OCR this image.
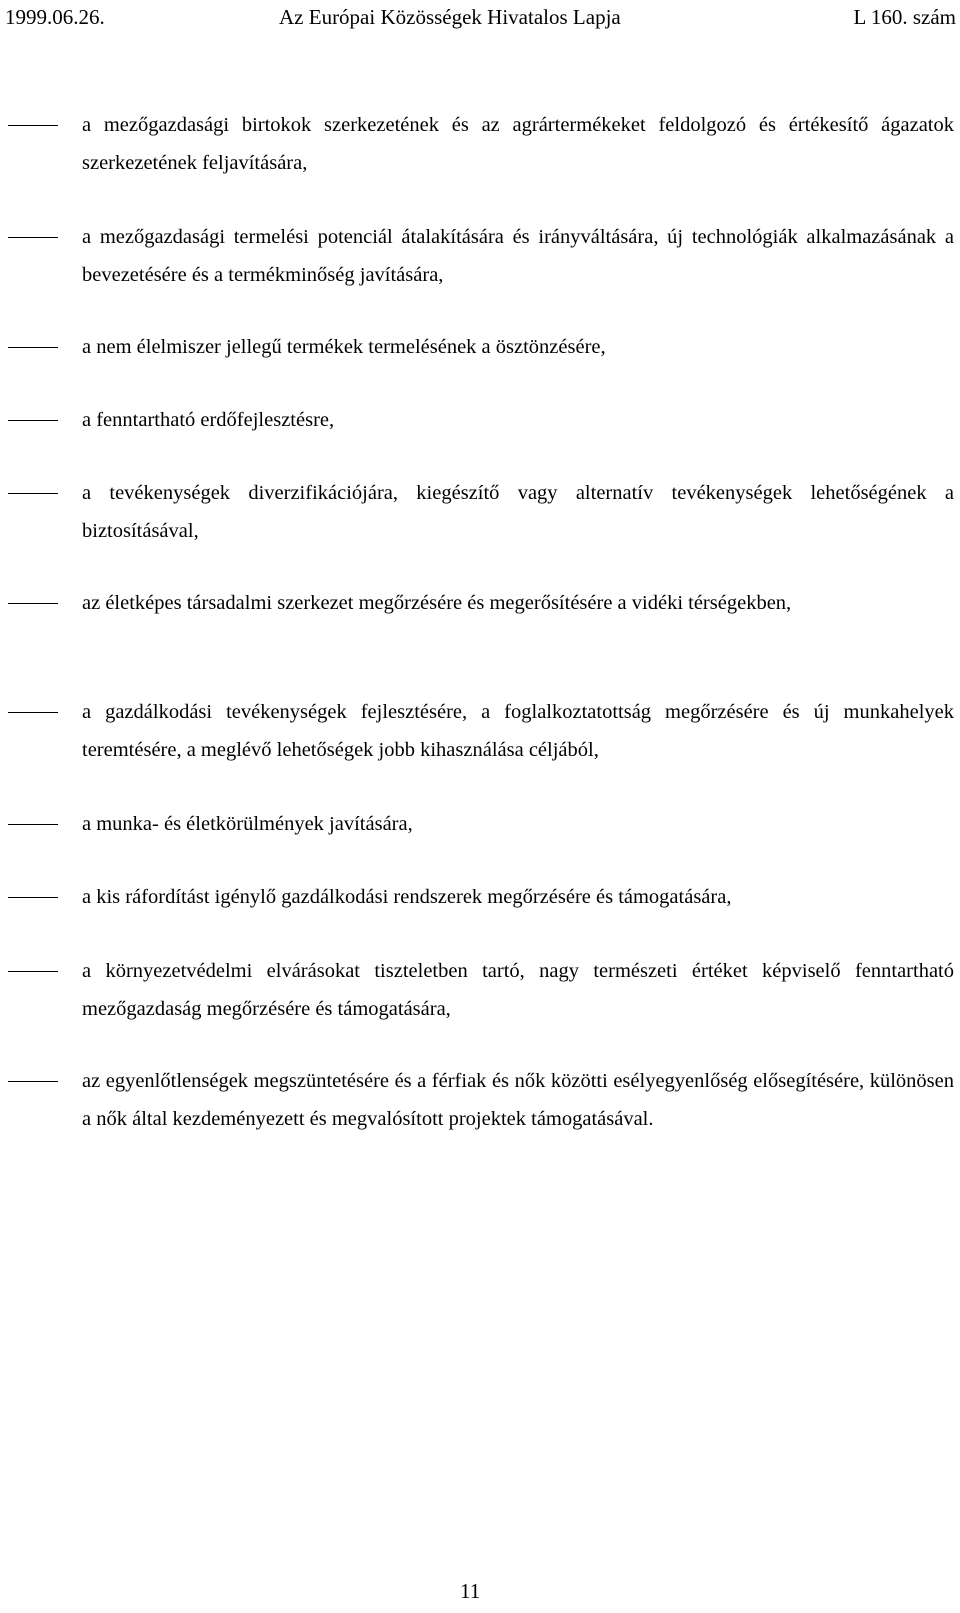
1999.06.26.	Az Európai Közösségek Hivatalos Lapja	L 160. szám
a mezőgazdasági birtokok szerkezetének és az agrártermékeket feldolgozó és értékesítő ágazatok szerkezetének feljavítására,
a mezőgazdasági termelési potenciál átalakítására és irányváltására, új technológiák alkalmazásának a bevezetésére és a termékminőség javítására,
a nem élelmiszer jellegű termékek termelésének a ösztönzésére,
a fenntartható erdőfejlesztésre,
a tevékenységek diverzifikációjára, kiegészítő vagy alternatív tevékenységek lehetőségének a biztosításával,
az életképes társadalmi szerkezet megőrzésére és megerősítésére a vidéki térségekben,
a gazdálkodási tevékenységek fejlesztésére, a foglalkoztatottság megőrzésére és új munkahelyek teremtésére, a meglévő lehetőségek jobb kihasználása céljából,
a munka- és életkörülmények javítására,
a kis ráfordítást igénylő gazdálkodási rendszerek megőrzésére és támogatására,
a környezetvédelmi elvárásokat tiszteletben tartó, nagy természeti értéket képviselő fenntartható mezőgazdaság megőrzésére és támogatására,
az egyenlőtlenségek megszüntetésére és a férfiak és nők közötti esélyegyenlőség elősegítésére, különösen a nők által kezdeményezett és megvalósított projektek támogatásával.
11
